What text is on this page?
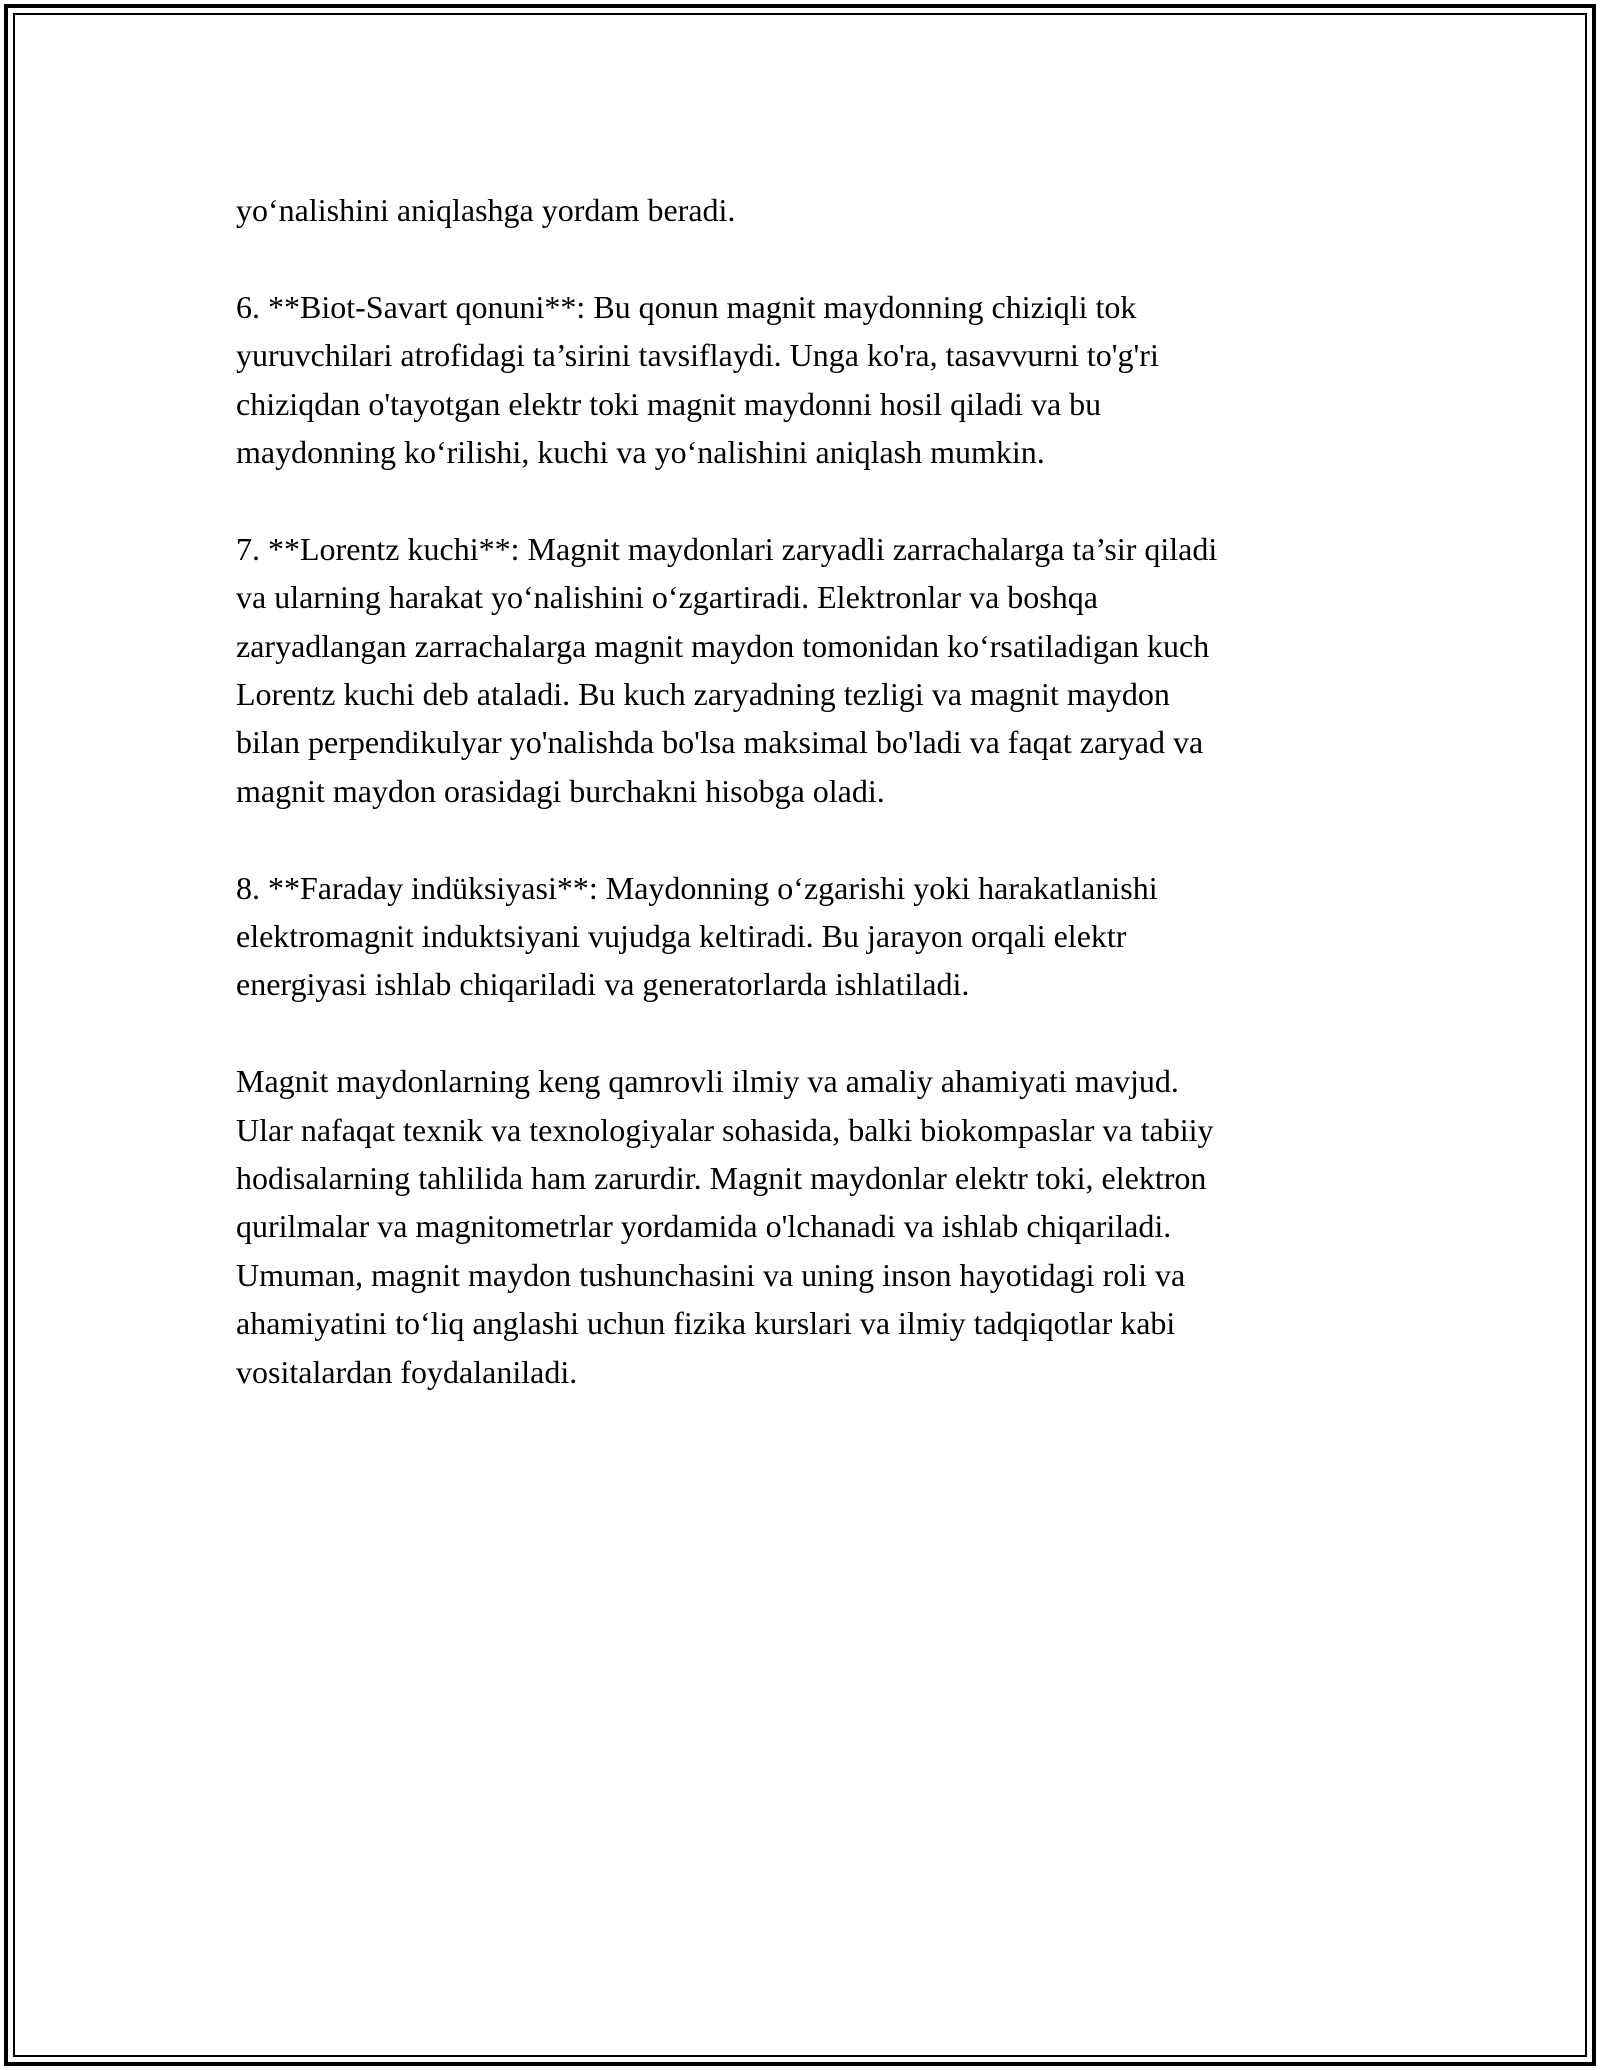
yo‘nalishini aniqlashga yordam beradi.

6. **Biot-Savart qonuni**: Bu qonun magnit maydonning chiziqli tok
yuruvchilari atrofidagi ta’sirini tavsiflaydi. Unga ko'ra, tasavvurni to'g'ri
chiziqdan o'tayotgan elektr toki magnit maydonni hosil qiladi va bu
maydonning ko‘rilishi, kuchi va yo‘nalishini aniqlash mumkin.

7. **Lorentz kuchi**: Magnit maydonlari zaryadli zarrachalarga ta’sir qiladi
va ularning harakat yo‘nalishini o‘zgartiradi. Elektronlar va boshqa
zaryadlangan zarrachalarga magnit maydon tomonidan ko‘rsatiladigan kuch
Lorentz kuchi deb ataladi. Bu kuch zaryadning tezligi va magnit maydon
bilan perpendikulyar yo'nalishda bo'lsa maksimal bo'ladi va faqat zaryad va
magnit maydon orasidagi burchakni hisobga oladi.

8. **Faraday indüksiyasi**: Maydonning o‘zgarishi yoki harakatlanishi
elektromagnit induktsiyani vujudga keltiradi. Bu jarayon orqali elektr
energiyasi ishlab chiqariladi va generatorlarda ishlatiladi.

Magnit maydonlarning keng qamrovli ilmiy va amaliy ahamiyati mavjud.
Ular nafaqat texnik va texnologiyalar sohasida, balki biokompaslar va tabiiy
hodisalarning tahlilida ham zarurdir. Magnit maydonlar elektr toki, elektron
qurilmalar va magnitometrlar yordamida o'lchanadi va ishlab chiqariladi.
Umuman, magnit maydon tushunchasini va uning inson hayotidagi roli va
ahamiyatini to‘liq anglashi uchun fizika kurslari va ilmiy tadqiqotlar kabi
vositalardan foydalaniladi.
